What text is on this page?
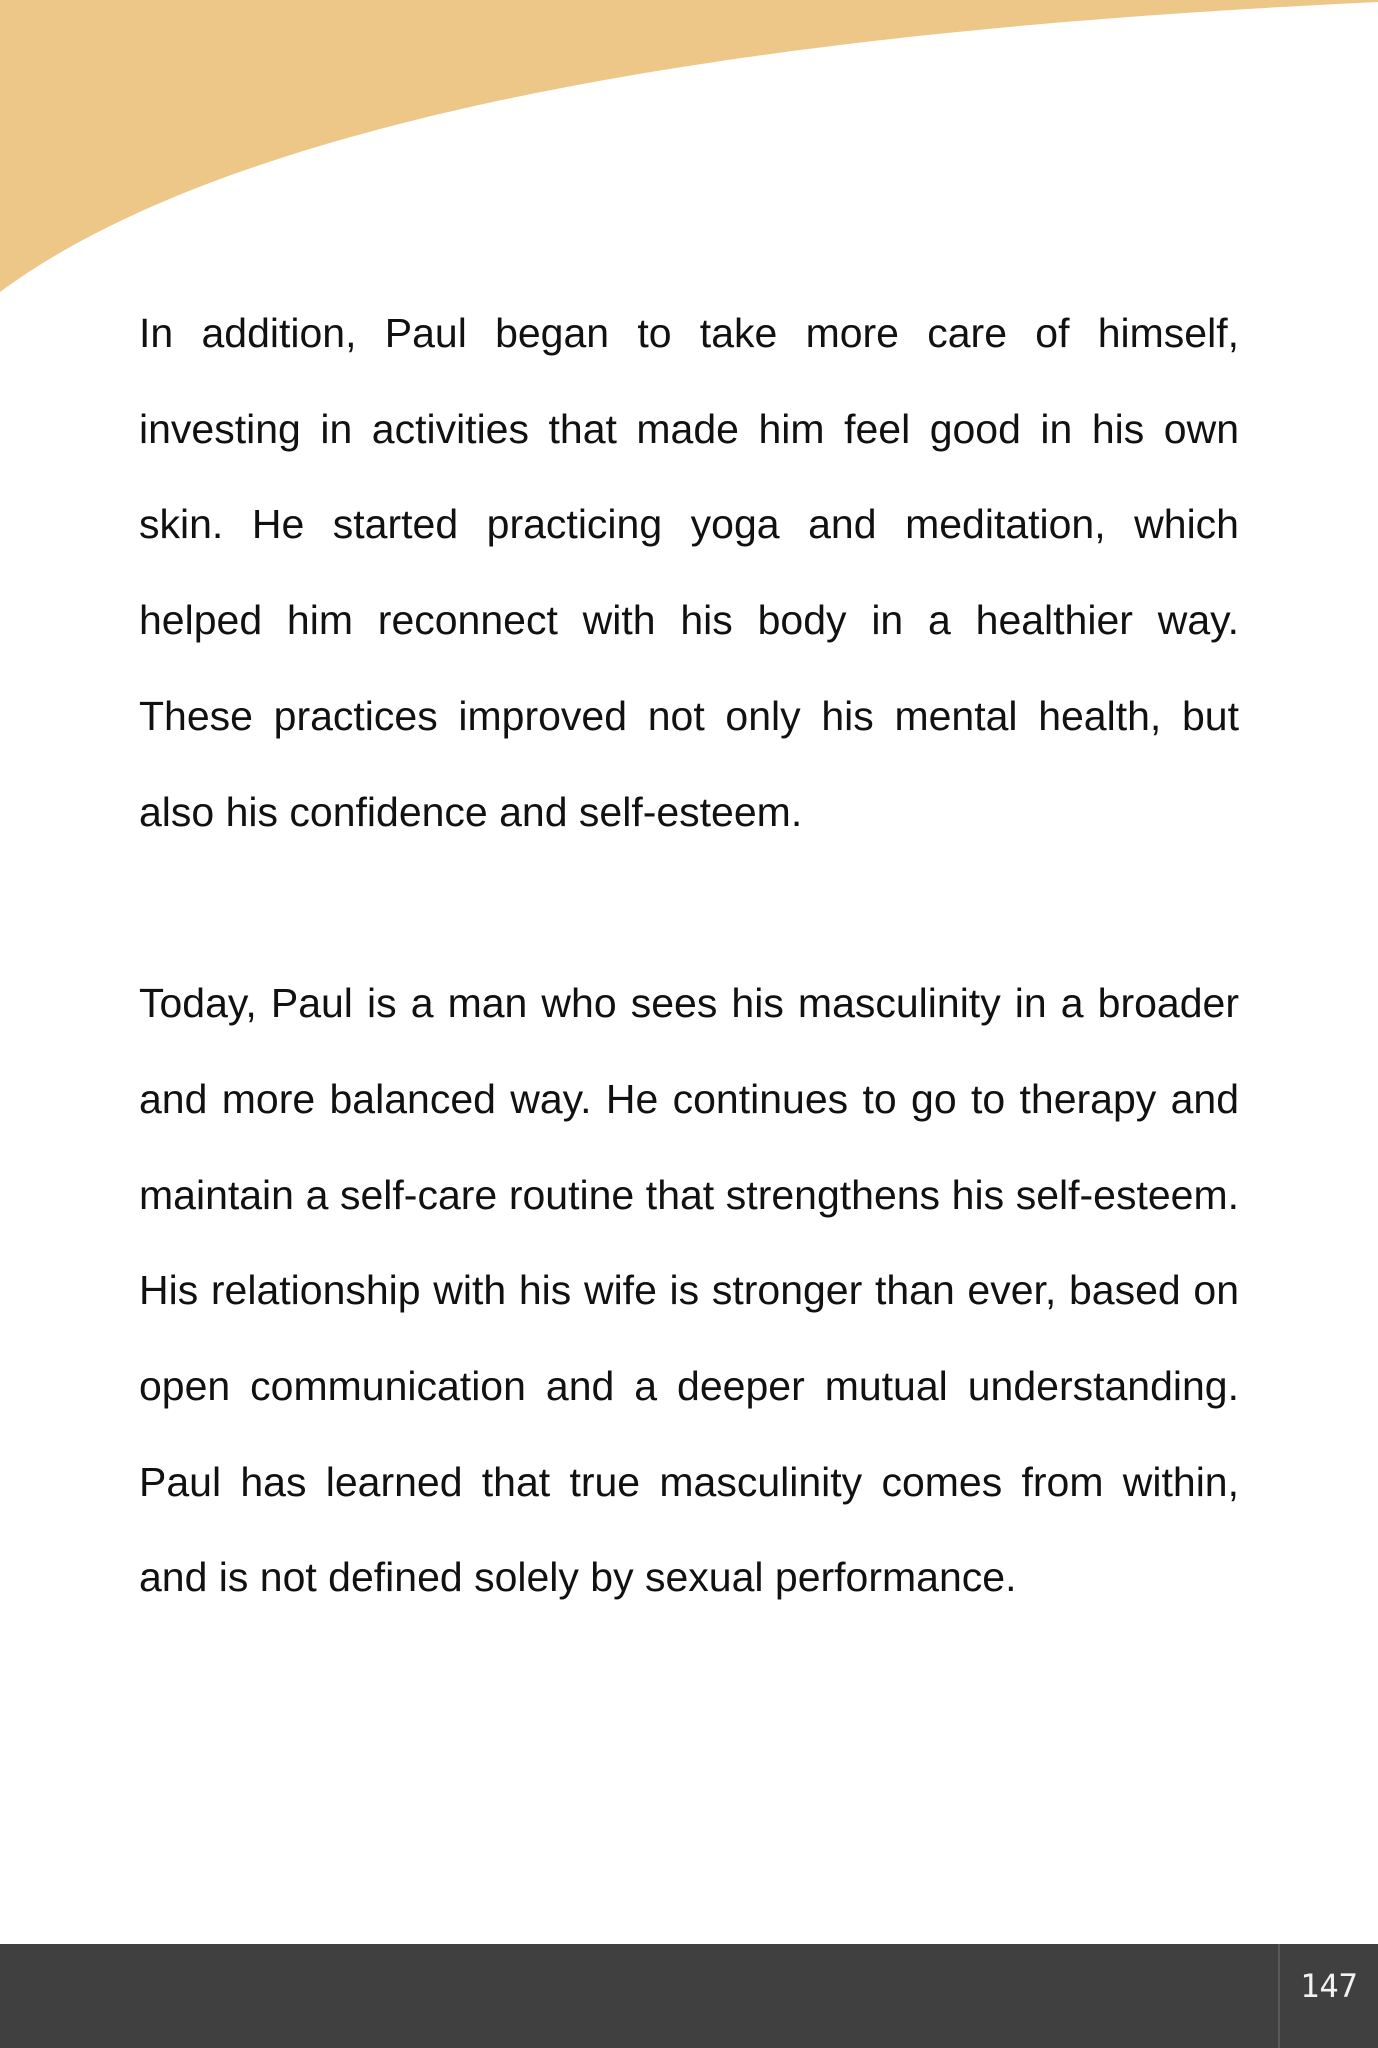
In addition, Paul began to take more care of himself, investing in activities that made him feel good in his own skin. He started practicing yoga and meditation, which helped him reconnect with his body in a healthier way. These practices improved not only his mental health, but also his confidence and self-esteem.

Today, Paul is a man who sees his masculinity in a broader and more balanced way. He continues to go to therapy and maintain a self-care routine that strengthens his self-esteem. His relationship with his wife is stronger than ever, based on open communication and a deeper mutual understanding. Paul has learned that true masculinity comes from within, and is not defined solely by sexual performance.

147
